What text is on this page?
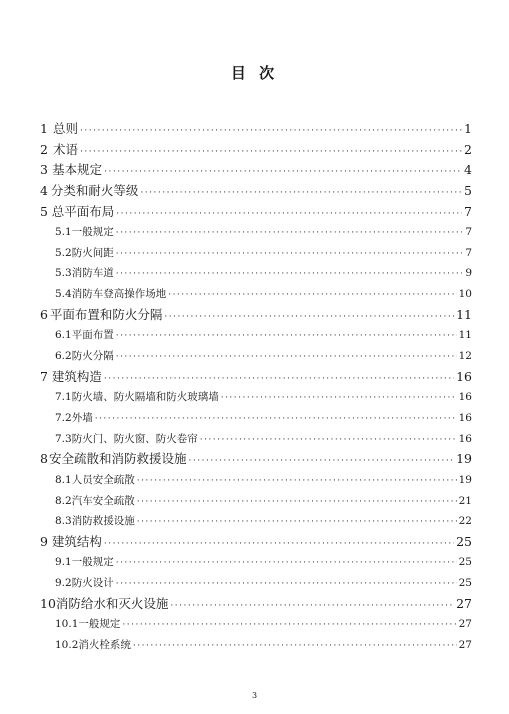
目 次
1 总则 ·····	1
2 术语 ·····	2
3 基本规定 ·····	4
4 分类和耐火等级 ·····	5
5 总平面布局 ·····	7
5.1 一般规定 ·····	7
5.2 防火间距 ·····	7
5.3 消防车道 ·····	9
5.4 消防车登高操作场地 ·····	10
6 平面布置和防火分隔 ·····	11
6.1 平面布置 ·····	11
6.2 防火分隔 ·····	12
7 建筑构造 ·····	16
7.1 防火墙、防火隔墙和防火玻璃墙 ·····	16
7.2 外墙 ·····	16
7.3 防火门、防火窗、防火卷帘 ·····	16
8 安全疏散和消防救援设施 ·····	19
8.1 人员安全疏散 ·····	19
8.2 汽车安全疏散 ·····	21
8.3 消防救援设施 ·····	22
9 建筑结构 ·····	25
9.1 一般规定 ·····	25
9.2 防火设计 ·····	25
10 消防给水和灭火设施 ·····	27
10.1 一般规定 ·····	27
10.2 消火栓系统 ·····	27
3
